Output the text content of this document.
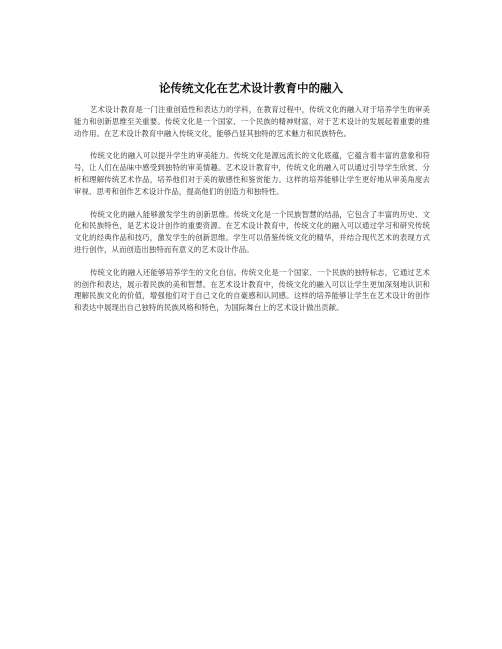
论传统文化在艺术设计教育中的融入

艺术设计教育是一门注重创造性和表达力的学科，在教育过程中，传统文化的融入对于培养学生的审美能力和创新思维至关重要。传统文化是一个国家、一个民族的精神财富，对于艺术设计的发展起着重要的推动作用。在艺术设计教育中融入传统文化，能够凸显其独特的艺术魅力和民族特色。

传统文化的融入可以提升学生的审美能力。传统文化是源远流长的文化底蕴，它蕴含着丰富的意象和符号，让人们在品味中感受到独特的审美情趣。艺术设计教育中，传统文化的融入可以通过引导学生欣赏、分析和理解传统艺术作品，培养他们对于美的敏感性和鉴赏能力。这样的培养能够让学生更好地从审美角度去审视、思考和创作艺术设计作品，提高他们的创造力和独特性。

传统文化的融入能够激发学生的创新思维。传统文化是一个民族智慧的结晶，它包含了丰富的历史、文化和民族特色，是艺术设计创作的重要资源。在艺术设计教育中，传统文化的融入可以通过学习和研究传统文化的经典作品和技巧，激发学生的创新思维。学生可以借鉴传统文化的精华，并结合现代艺术的表现方式进行创作，从而创造出独特而有意义的艺术设计作品。

传统文化的融入还能够培养学生的文化自信。传统文化是一个国家、一个民族的独特标志，它通过艺术的创作和表达，展示着民族的美和智慧。在艺术设计教育中，传统文化的融入可以让学生更加深刻地认识和理解民族文化的价值，增强他们对于自己文化的自豪感和认同感。这样的培养能够让学生在艺术设计的创作和表达中展现出自己独特的民族风格和特色，为国际舞台上的艺术设计做出贡献。
